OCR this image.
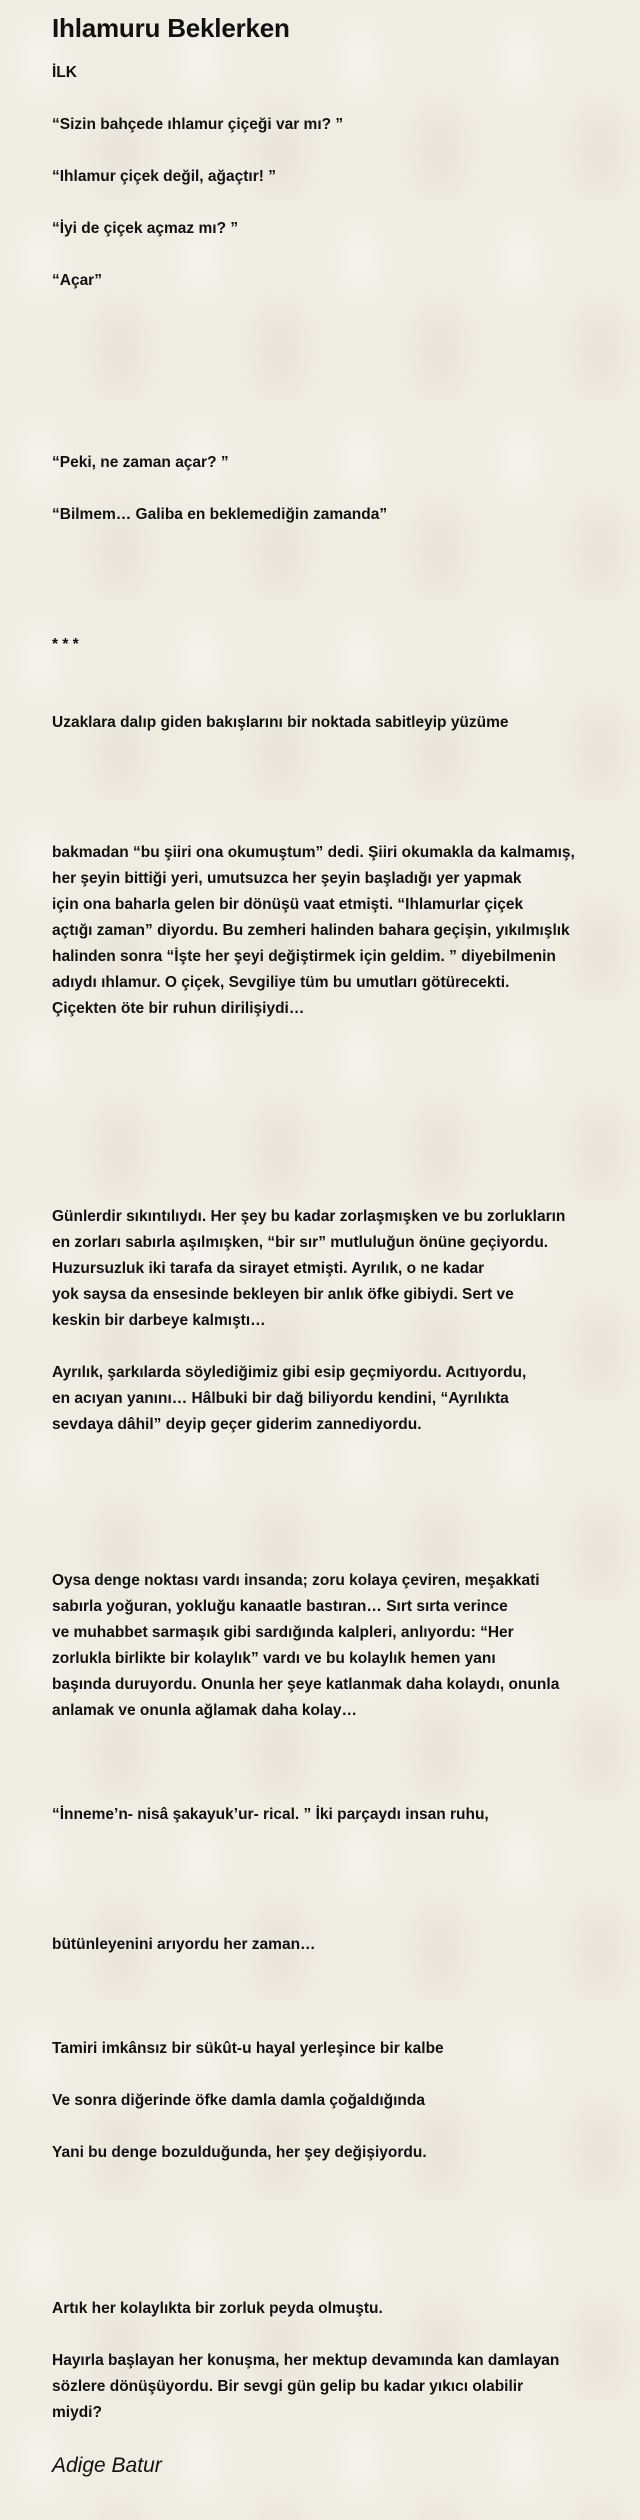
Ihlamuru Beklerken
İLK
“Sizin bahçede ıhlamur çiçeği var mı? ”
“Ihlamur çiçek değil, ağaçtır! ”
“İyi de çiçek açmaz mı? ”
“Açar”
“Peki, ne zaman açar? ”
“Bilmem… Galiba en beklemediğin zamanda”
* * *
Uzaklara dalıp giden bakışlarını bir noktada sabitleyip yüzüme
bakmadan “bu şiiri ona okumuştum” dedi. Şiiri okumakla da kalmamış,
her şeyin bittiği yeri, umutsuzca her şeyin başladığı yer yapmak
için ona baharla gelen bir dönüşü vaat etmişti. “Ihlamurlar çiçek
açtığı zaman” diyordu. Bu zemheri halinden bahara geçişin, yıkılmışlık
halinden sonra “İşte her şeyi değiştirmek için geldim. ” diyebilmenin
adıydı ıhlamur. O çiçek, Sevgiliye tüm bu umutları götürecekti.
Çiçekten öte bir ruhun dirilişiydi…
Günlerdir sıkıntılıydı. Her şey bu kadar zorlaşmışken ve bu zorlukların
en zorları sabırla aşılmışken, “bir sır” mutluluğun önüne geçiyordu.
Huzursuzluk iki tarafa da sirayet etmişti. Ayrılık, o ne kadar
yok saysa da ensesinde bekleyen bir anlık öfke gibiydi. Sert ve
keskin bir darbeye kalmıştı…
Ayrılık, şarkılarda söylediğimiz gibi esip geçmiyordu. Acıtıyordu,
en acıyan yanını… Hâlbuki bir dağ biliyordu kendini, “Ayrılıkta
sevdaya dâhil” deyip geçer giderim zannediyordu.
Oysa denge noktası vardı insanda; zoru kolaya çeviren, meşakkati
sabırla yoğuran, yokluğu kanaatle bastıran… Sırt sırta verince
ve muhabbet sarmaşık gibi sardığında kalpleri, anlıyordu: “Her
zorlukla birlikte bir kolaylık” vardı ve bu kolaylık hemen yanı
başında duruyordu. Onunla her şeye katlanmak daha kolaydı, onunla
anlamak ve onunla ağlamak daha kolay…
“İnneme’n- nisâ şakayuk’ur- rical. ” İki parçaydı insan ruhu,
bütünleyenini arıyordu her zaman…
Tamiri imkânsız bir sükût-u hayal yerleşince bir kalbe
Ve sonra diğerinde öfke damla damla çoğaldığında
Yani bu denge bozulduğunda, her şey değişiyordu.
Artık her kolaylıkta bir zorluk peyda olmuştu.
Hayırla başlayan her konuşma, her mektup devamında kan damlayan
sözlere dönüşüyordu. Bir sevgi gün gelip bu kadar yıkıcı olabilir
miydi?
Adige Batur
